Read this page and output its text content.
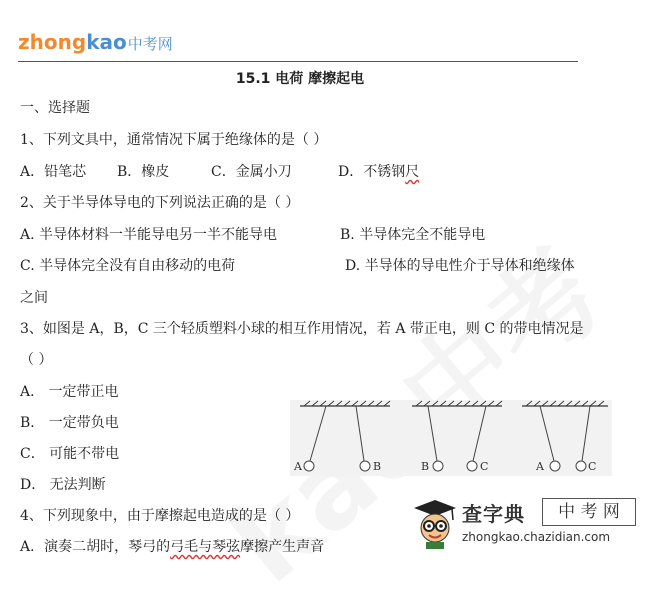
zhongkao中考网
15.1 电荷 摩擦起电
一、选择题
1、下列文具中，通常情况下属于绝缘体的是（ ）
A．铅笔芯 B．橡皮	C．金属小刀	D．不锈钢尺
2、关于半导体导电的下列说法正确的是（ ）
A. 半导体材料一半能导电另一半不能导电	B. 半导体完全不能导电
C. 半导体完全没有自由移动的电荷	D. 半导体的导电性介于导体和绝缘体
之间
3、如图是 A，B，C 三个轻质塑料小球的相互作用情况，若 A 带正电，则 C 的带电情况是
（ ）
A． 一定带正电
B． 一定带负电
C． 可能不带电
D． 无法判断
4、下列现象中，由于摩擦起电造成的是（ ）
A．演奏二胡时，琴弓的弓毛与琴弦摩擦产生声音
A	B	B	C	A	C
查字典	中 考 网
zhongkao.chazidian.com
